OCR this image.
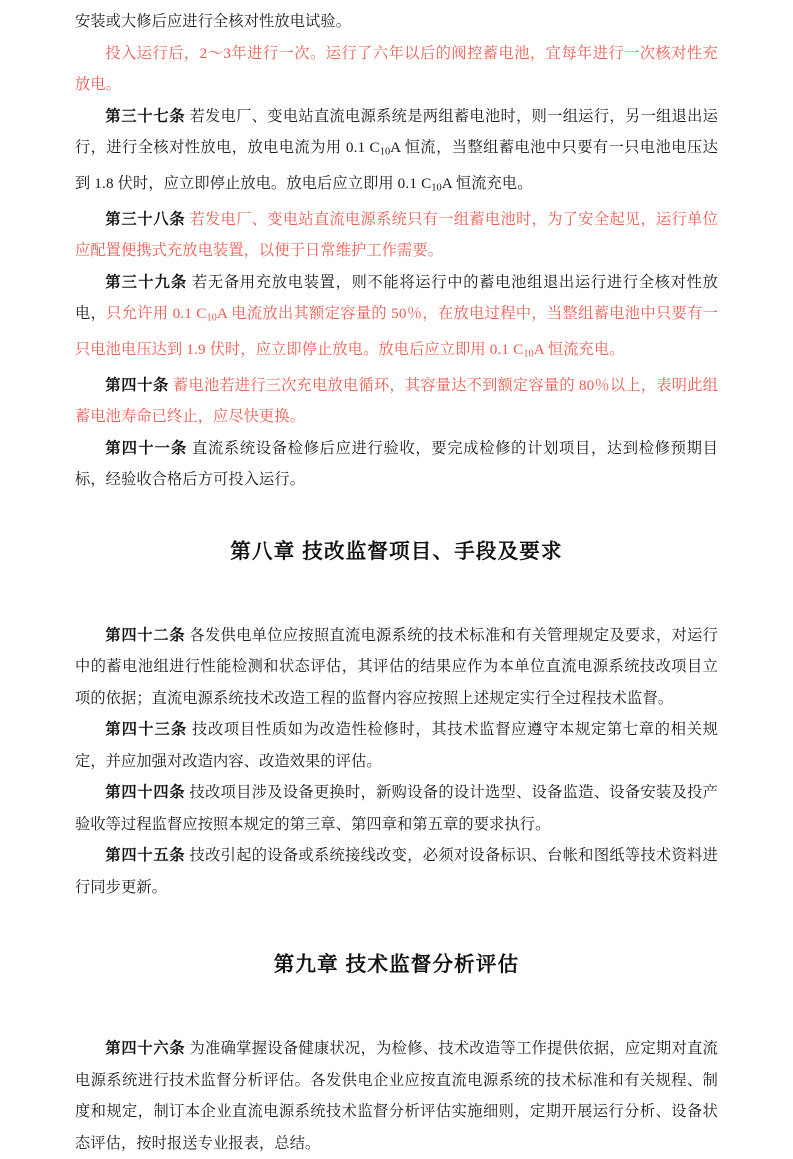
安装或大修后应进行全核对性放电试验。

投入运行后，2～3年进行一次。运行了六年以后的阀控蓄电池，宜每年进行一次核对性充放电。

第三十七条 若发电厂、变电站直流电源系统是两组蓄电池时，则一组运行，另一组退出运行，进行全核对性放电，放电电流为用 0.1 $C_{10}A$ 恒流，当整组蓄电池中只要有一只电池电压达到 1.8 伏时，应立即停止放电。放电后应立即用 0.1 $C_{10}A$ 恒流充电。

第三十八条 若发电厂、变电站直流电源系统只有一组蓄电池时，为了安全起见，运行单位应配置便携式充放电装置，以便于日常维护工作需要。

第三十九条 若无备用充放电装置，则不能将运行中的蓄电池组退出运行进行全核对性放电，只允许用 0.1 $C_{10}A$ 电流放出其额定容量的 50％，在放电过程中，当整组蓄电池中只要有一只电池电压达到 1.9 伏时，应立即停止放电。放电后应立即用 0.1 $C_{10}A$ 恒流充电。

第四十条 蓄电池若进行三次充电放电循环，其容量达不到额定容量的 80％以上，表明此组蓄电池寿命已终止，应尽快更换。

第四十一条 直流系统设备检修后应进行验收，要完成检修的计划项目，达到检修预期目标，经验收合格后方可投入运行。

第八章 技改监督项目、手段及要求

第四十二条 各发供电单位应按照直流电源系统的技术标准和有关管理规定及要求，对运行中的蓄电池组进行性能检测和状态评估，其评估的结果应作为本单位直流电源系统技改项目立项的依据；直流电源系统技术改造工程的监督内容应按照上述规定实行全过程技术监督。

第四十三条 技改项目性质如为改造性检修时，其技术监督应遵守本规定第七章的相关规定，并应加强对改造内容、改造效果的评估。

第四十四条 技改项目涉及设备更换时，新购设备的设计选型、设备监造、设备安装及投产验收等过程监督应按照本规定的第三章、第四章和第五章的要求执行。

第四十五条 技改引起的设备或系统接线改变，必须对设备标识、台帐和图纸等技术资料进行同步更新。

第九章 技术监督分析评估

第四十六条 为准确掌握设备健康状况，为检修、技术改造等工作提供依据，应定期对直流电源系统进行技术监督分析评估。各发供电企业应按直流电源系统的技术标准和有关规程、制度和规定，制订本企业直流电源系统技术监督分析评估实施细则，定期开展运行分析、设备状态评估，按时报送专业报表，总结。
